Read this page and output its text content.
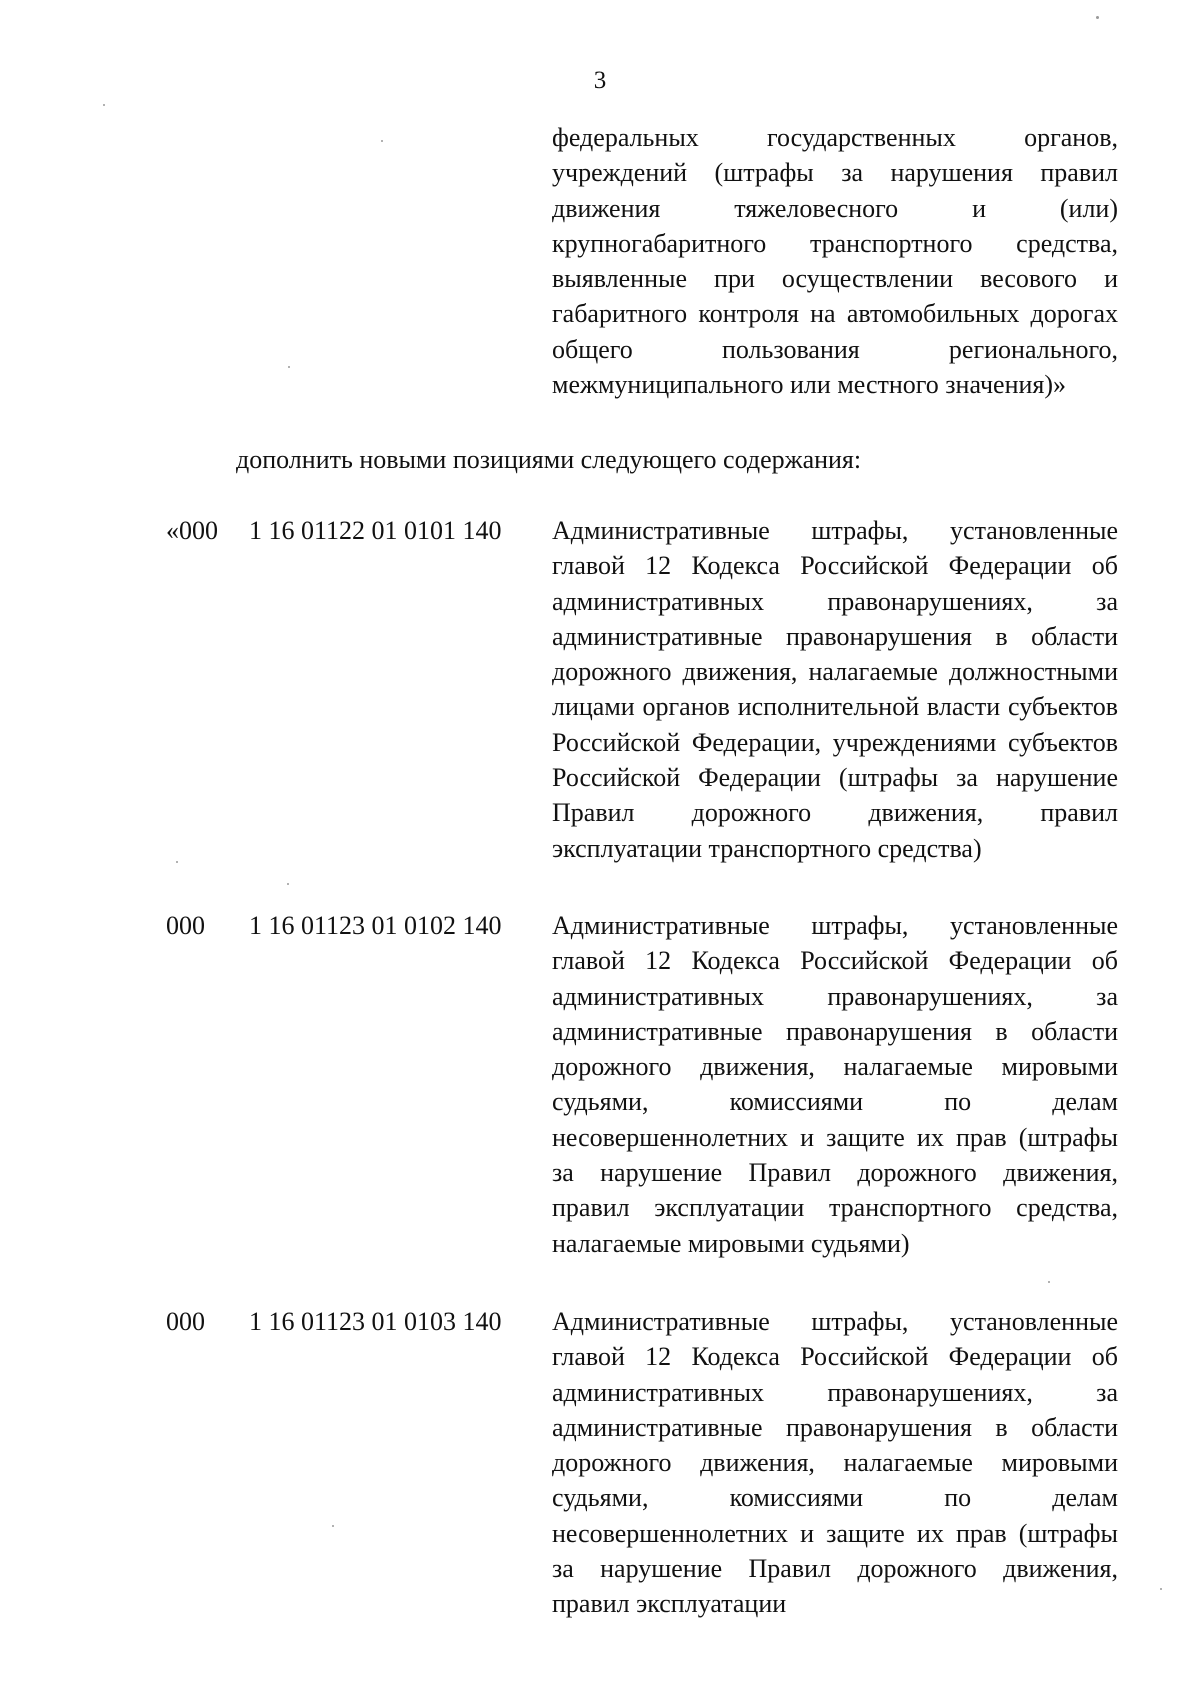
3

федеральных государственных органов, учреждений (штрафы за нарушения правил движения тяжеловесного и (или) крупногабаритного транспортного средства, выявленные при осуществлении весового и габаритного контроля на автомобильных дорогах общего пользования регионального, межмуниципального или местного значения)»

дополнить новыми позициями следующего содержания:

«000 1 16 01122 01 0101 140 Административные штрафы, установленные главой 12 Кодекса Российской Федерации об административных правонарушениях, за административные правонарушения в области дорожного движения, налагаемые должностными лицами органов исполнительной власти субъектов Российской Федерации, учреждениями субъектов Российской Федерации (штрафы за нарушение Правил дорожного движения, правил эксплуатации транспортного средства)

000 1 16 01123 01 0102 140 Административные штрафы, установленные главой 12 Кодекса Российской Федерации об административных правонарушениях, за административные правонарушения в области дорожного движения, налагаемые мировыми судьями, комиссиями по делам несовершеннолетних и защите их прав (штрафы за нарушение Правил дорожного движения, правил эксплуатации транспортного средства, налагаемые мировыми судьями)

000 1 16 01123 01 0103 140 Административные штрафы, установленные главой 12 Кодекса Российской Федерации об административных правонарушениях, за административные правонарушения в области дорожного движения, налагаемые мировыми судьями, комиссиями по делам несовершеннолетних и защите их прав (штрафы за нарушение Правил дорожного движения, правил эксплуатации
